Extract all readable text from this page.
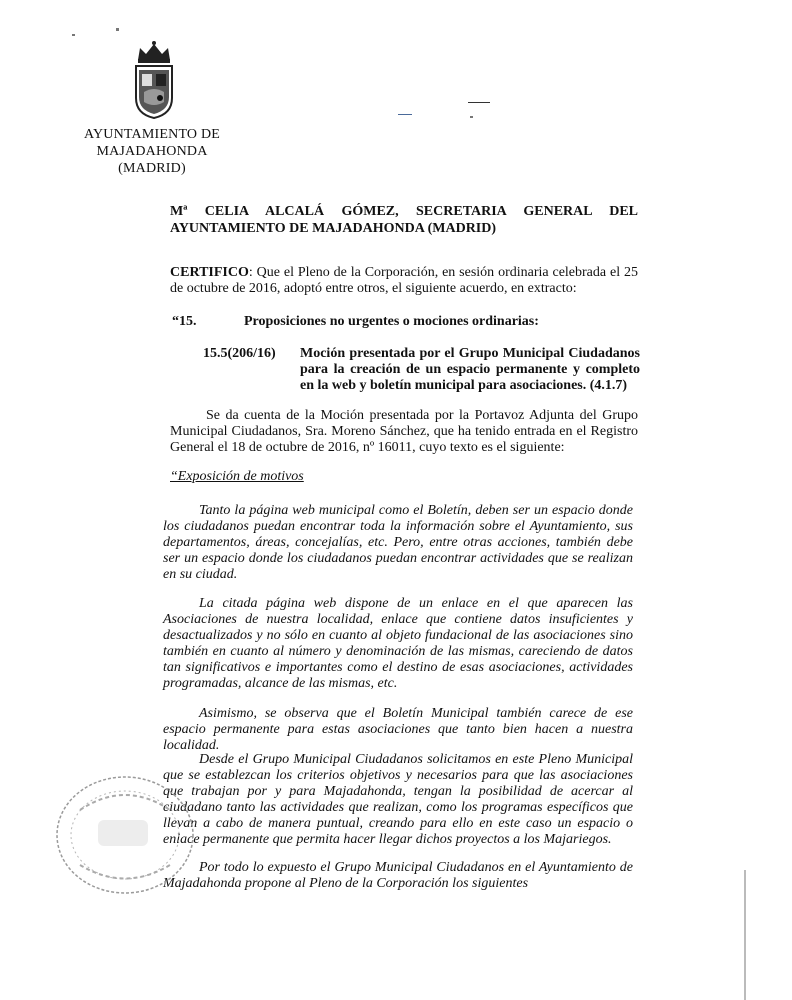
AYUNTAMIENTO DE
MAJADAHONDA
(MADRID)
Mª CELIA ALCALÁ GÓMEZ, SECRETARIA GENERAL DEL
AYUNTAMIENTO DE MAJADAHONDA (MADRID)
CERTIFICO: Que el Pleno de la Corporación, en sesión ordinaria celebrada el 25 de octubre de 2016, adoptó entre otros, el siguiente acuerdo, en extracto:
“15.	Proposiciones no urgentes o mociones ordinarias:
15.5(206/16) Moción presentada por el Grupo Municipal Ciudadanos para la creación de un espacio permanente y completo en la web y boletín municipal para asociaciones. (4.1.7)
Se da cuenta de la Moción presentada por la Portavoz Adjunta del Grupo Municipal Ciudadanos, Sra. Moreno Sánchez, que ha tenido entrada en el Registro General el 18 de octubre de 2016, nº 16011, cuyo texto es el siguiente:
“Exposición de motivos
Tanto la página web municipal como el Boletín, deben ser un espacio donde los ciudadanos puedan encontrar toda la información sobre el Ayuntamiento, sus departamentos, áreas, concejalías, etc. Pero, entre otras acciones, también debe ser un espacio donde los ciudadanos puedan encontrar actividades que se realizan en su ciudad.
La citada página web dispone de un enlace en el que aparecen las Asociaciones de nuestra localidad, enlace que contiene datos insuficientes y desactualizados y no sólo en cuanto al objeto fundacional de las asociaciones sino también en cuanto al número y denominación de las mismas, careciendo de datos tan significativos e importantes como el destino de esas asociaciones, actividades programadas, alcance de las mismas, etc.
Asimismo, se observa que el Boletín Municipal también carece de ese espacio permanente para estas asociaciones que tanto bien hacen a nuestra localidad.
Desde el Grupo Municipal Ciudadanos solicitamos en este Pleno Municipal que se establezcan los criterios objetivos y necesarios para que las asociaciones que trabajan por y para Majadahonda, tengan la posibilidad de acercar al ciudadano tanto las actividades que realizan, como los programas específicos que llevan a cabo de manera puntual, creando para ello en este caso un espacio o enlace permanente que permita hacer llegar dichos proyectos a los Majariegos.
Por todo lo expuesto el Grupo Municipal Ciudadanos en el Ayuntamiento de Majadahonda propone al Pleno de la Corporación los siguientes
